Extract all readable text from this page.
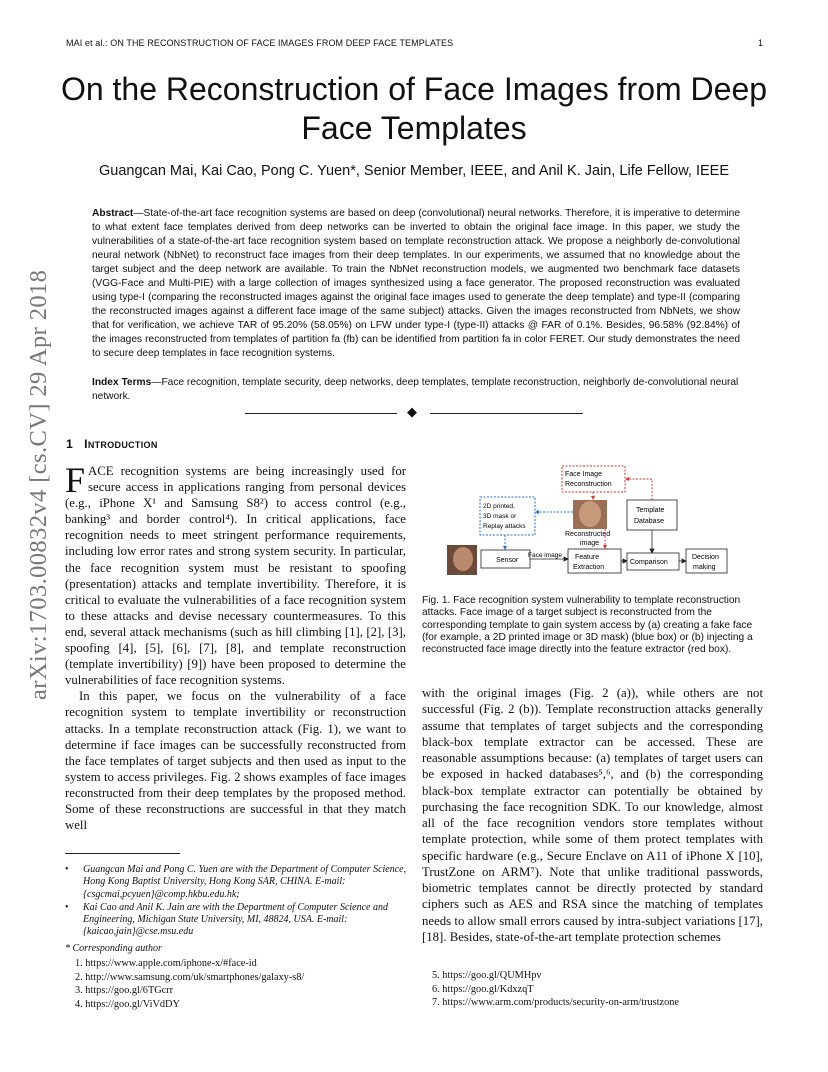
MAI et al.: ON THE RECONSTRUCTION OF FACE IMAGES FROM DEEP FACE TEMPLATES	1
On the Reconstruction of Face Images from Deep Face Templates
Guangcan Mai, Kai Cao, Pong C. Yuen*, Senior Member, IEEE, and Anil K. Jain, Life Fellow, IEEE
Abstract—State-of-the-art face recognition systems are based on deep (convolutional) neural networks. Therefore, it is imperative to determine to what extent face templates derived from deep networks can be inverted to obtain the original face image. In this paper, we study the vulnerabilities of a state-of-the-art face recognition system based on template reconstruction attack. We propose a neighborly de-convolutional neural network (NbNet) to reconstruct face images from their deep templates. In our experiments, we assumed that no knowledge about the target subject and the deep network are available. To train the NbNet reconstruction models, we augmented two benchmark face datasets (VGG-Face and Multi-PIE) with a large collection of images synthesized using a face generator. The proposed reconstruction was evaluated using type-I (comparing the reconstructed images against the original face images used to generate the deep template) and type-II (comparing the reconstructed images against a different face image of the same subject) attacks. Given the images reconstructed from NbNets, we show that for verification, we achieve TAR of 95.20% (58.05%) on LFW under type-I (type-II) attacks @ FAR of 0.1%. Besides, 96.58% (92.84%) of the images reconstructed from templates of partition fa (fb) can be identified from partition fa in color FERET. Our study demonstrates the need to secure deep templates in face recognition systems.
Index Terms—Face recognition, template security, deep networks, deep templates, template reconstruction, neighborly de-convolutional neural network.
◆
arXiv:1703.00832v4 [cs.CV] 29 Apr 2018 1 Introduction
FACE recognition systems are being increasingly used for secure access in applications ranging from personal devices (e.g., iPhone X¹ and Samsung S8²) to access control (e.g., banking³ and border control⁴). In critical applications, face recognition needs to meet stringent performance requirements, including low error rates and strong system security. In particular, the face recognition system must be resistant to spoofing (presentation) attacks and template invertibility. Therefore, it is critical to evaluate the vulnerabilities of a face recognition system to these attacks and devise necessary countermeasures. To this end, several attack mechanisms (such as hill climbing [1], [2], [3], spoofing [4], [5], [6], [7], [8], and template reconstruction (template invertibility) [9]) have been proposed to determine the vulnerabilities of face recognition systems.
In this paper, we focus on the vulnerability of a face recognition system to template invertibility or reconstruction attacks. In a template reconstruction attack (Fig. 1), we want to determine if face images can be successfully reconstructed from the face templates of target subjects and then used as input to the system to access privileges. Fig. 2 shows examples of face images reconstructed from their deep templates by the proposed method. Some of these reconstructions are successful in that they match well
• Guangcan Mai and Pong C. Yuen are with the Department of Computer Science, Hong Kong Baptist University, Hong Kong SAR, CHINA. E-mail:{csgcmai,pcyuen}@comp.hkbu.edu.hk;
• Kai Cao and Anil K. Jain are with the Department of Computer Science and Engineering, Michigan State University, MI, 48824, USA. E-mail: {kaicao,jain}@cse.msu.edu
* Corresponding author
1. https://www.apple.com/iphone-x/#face-id
2. http://www.samsung.com/uk/smartphones/galaxy-s8/
3. https://goo.gl/6TGcrr
4. https://goo.gl/ViVdDY
5. https://goo.gl/QUMHpv
6. https://goo.gl/KdxzqT
7. https://www.arm.com/products/security-on-arm/trustzone
Face Image
Reconstruction
2D printed,
3D mask or
Replay attacks
Reconstructed
image
Template
Database
Sensor
Face image Feature
Extraction
Comparison
Decision
making
Fig. 1. Face recognition system vulnerability to template reconstruction attacks. Face image of a target subject is reconstructed from the corresponding template to gain system access by (a) creating a fake face (for example, a 2D printed image or 3D mask) (blue box) or (b) injecting a reconstructed face image directly into the feature extractor (red box).
with the original images (Fig. 2 (a)), while others are not successful (Fig. 2 (b)). Template reconstruction attacks generally assume that templates of target subjects and the corresponding black-box template extractor can be accessed. These are reasonable assumptions because: (a) templates of target users can be exposed in hacked databases⁵,⁶, and (b) the corresponding black-box template extractor can potentially be obtained by purchasing the face recognition SDK. To our knowledge, almost all of the face recognition vendors store templates without template protection, while some of them protect templates with specific hardware (e.g., Secure Enclave on A11 of iPhone X [10], TrustZone on ARM⁷). Note that unlike traditional passwords, biometric templates cannot be directly protected by standard ciphers such as AES and RSA since the matching of templates needs to allow small errors caused by intra-subject variations [17], [18]. Besides, state-of-the-art template protection schemes
